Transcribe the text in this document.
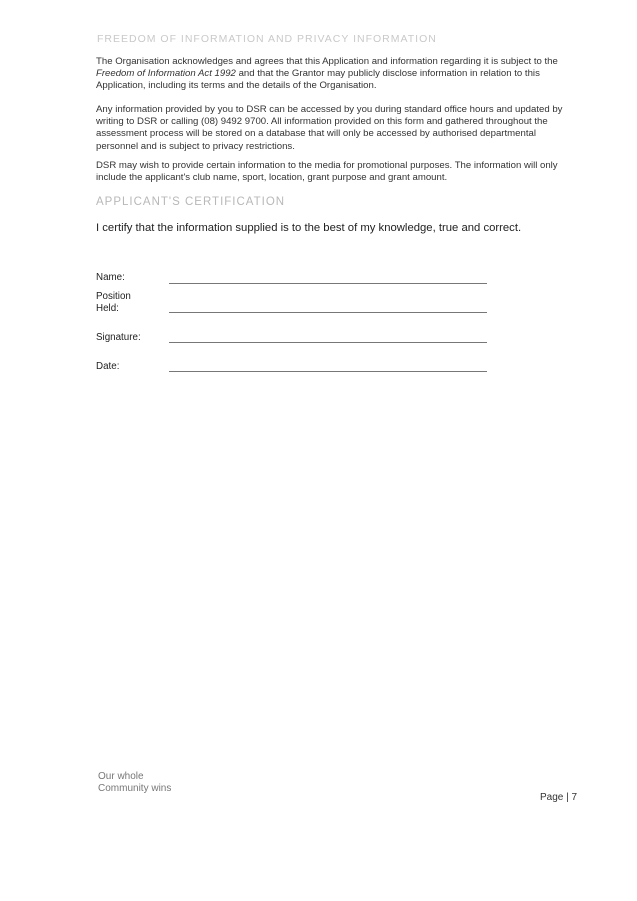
FREEDOM OF INFORMATION AND PRIVACY INFORMATION
The Organisation acknowledges and agrees that this Application and information regarding it is subject to the Freedom of Information Act 1992 and that the Grantor may publicly disclose information in relation to this Application, including its terms and the details of the Organisation.
Any information provided by you to DSR can be accessed by you during standard office hours and updated by writing to DSR or calling (08) 9492 9700. All information provided on this form and gathered throughout the assessment process will be stored on a database that will only be accessed by authorised departmental personnel and is subject to privacy restrictions.
DSR may wish to provide certain information to the media for promotional purposes. The information will only include the applicant's club name, sport, location, grant purpose and grant amount.
APPLICANT'S CERTIFICATION
I certify that the information supplied is to the best of my knowledge, true and correct.
Name:
Position
Held:
Signature:
Date:
Our whole
Community wins
Page | 7
